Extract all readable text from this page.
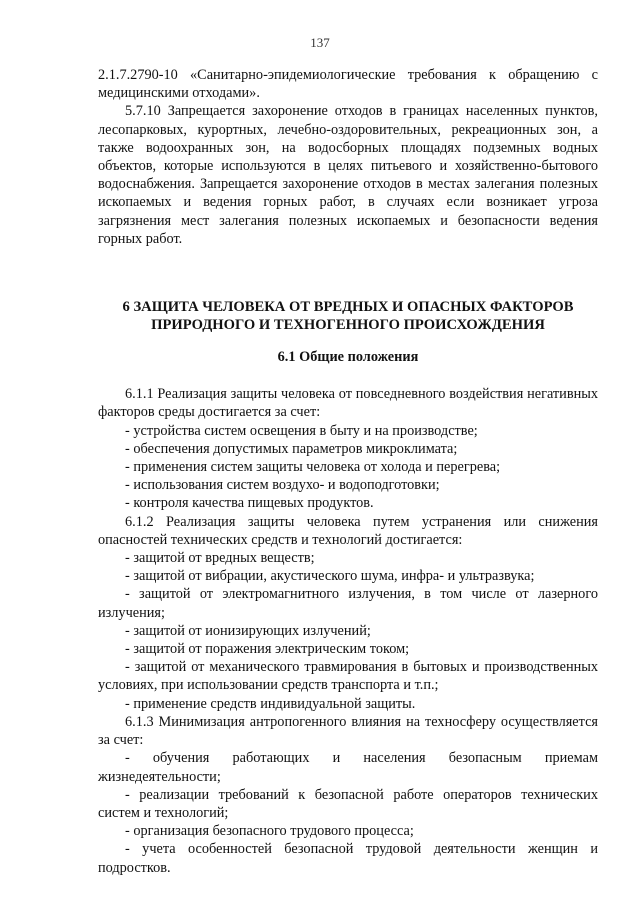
137

2.1.7.2790-10 «Санитарно-эпидемиологические требования к обращению с медицинскими отходами».

5.7.10 Запрещается захоронение отходов в границах населенных пунктов, лесопарковых, курортных, лечебно-оздоровительных, рекреационных зон, а также водоохранных зон, на водосборных площадях подземных водных объектов, которые используются в целях питьевого и хозяйственно-бытового водоснабжения. Запрещается захоронение отходов в местах залегания полезных ископаемых и ведения горных работ, в случаях если возникает угроза загрязнения мест залегания полезных ископаемых и безопасности ведения горных работ.

6 ЗАЩИТА ЧЕЛОВЕКА ОТ ВРЕДНЫХ И ОПАСНЫХ ФАКТОРОВ
ПРИРОДНОГО И ТЕХНОГЕННОГО ПРОИСХОЖДЕНИЯ
6.1 Общие положения

6.1.1 Реализация защиты человека от повседневного воздействия негативных факторов среды достигается за счет:

- устройства систем освещения в быту и на производстве;

- обеспечения допустимых параметров микроклимата;

- применения систем защиты человека от холода и перегрева;

- использования систем воздухо- и водоподготовки;

- контроля качества пищевых продуктов.

6.1.2 Реализация защиты человека путем устранения или снижения опасностей технических средств и технологий достигается:

- защитой от вредных веществ;

- защитой от вибрации, акустического шума, инфра- и ультразвука;

- защитой от электромагнитного излучения, в том числе от лазерного излучения;

- защитой от ионизирующих излучений;

- защитой от поражения электрическим током;

- защитой от механического травмирования в бытовых и производственных условиях, при использовании средств транспорта и т.п.;

- применение средств индивидуальной защиты.

6.1.3 Минимизация антропогенного влияния на техносферу осуществляется за счет:

- обучения работающих и населения безопасным приемам жизнедеятельности;

- реализации требований к безопасной работе операторов технических систем и технологий;

- организация безопасного трудового процесса;

- учета особенностей безопасной трудовой деятельности женщин и подростков.
